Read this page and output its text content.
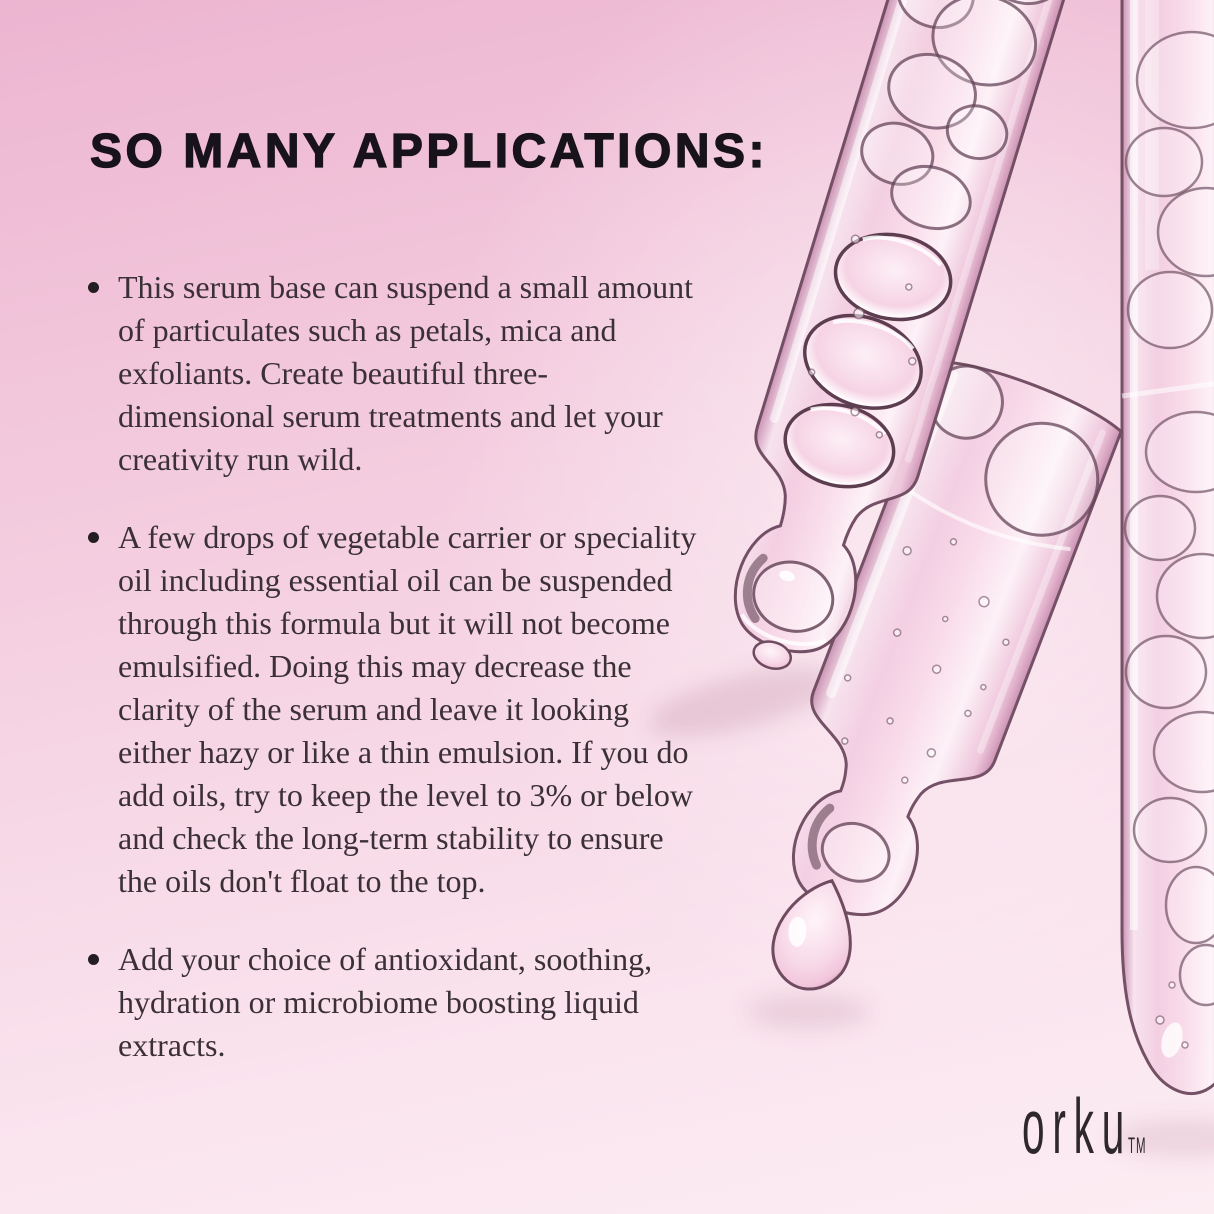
SO MANY APPLICATIONS:
This serum base can suspend a small amount of particulates such as petals, mica and exfoliants. Create beautiful three-dimensional serum treatments and let your creativity run wild.
A few drops of vegetable carrier or speciality oil including essential oil can be suspended through this formula but it will not become emulsified. Doing this may decrease the clarity of the serum and leave it looking either hazy or like a thin emulsion. If you do add oils, try to keep the level to 3% or below and check the long-term stability to ensure the oils don't float to the top.
Add your choice of antioxidant, soothing, hydration or microbiome boosting liquid extracts.
orkuTM
